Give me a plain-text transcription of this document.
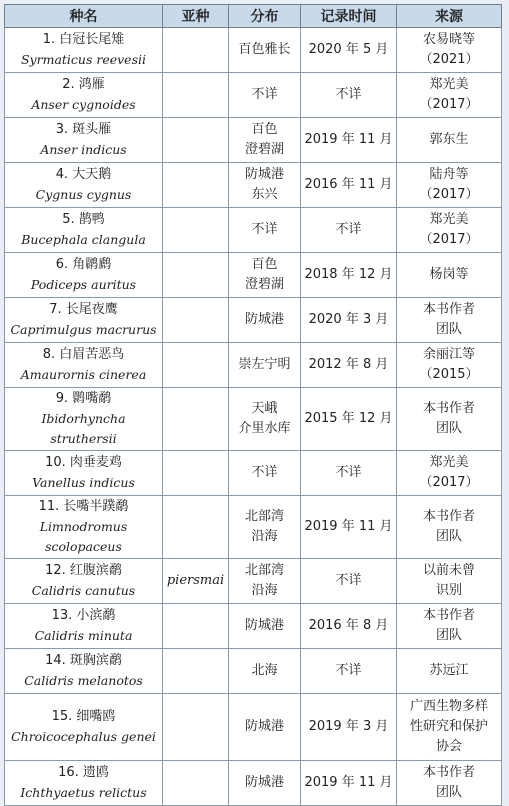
种名	亚种	分布	记录时间	来源

1. 白冠长尾雉
Syrmaticus reevesii		百色雅长	2020 年 5 月	农易晓等
（2021）

2. 鸿雁
Anser cygnoides		不详	不详	郑光美
（2017）

3. 斑头雁
Anser indicus		百色
澄碧湖	2019 年 11 月	郭东生

4. 大天鹅
Cygnus cygnus		防城港
东兴	2016 年 11 月	陆舟等
（2017）

5. 鹊鸭
Bucephala clangula		不详	不详	郑光美
（2017）

6. 角䴙䴘
Podiceps auritus		百色
澄碧湖	2018 年 12 月	杨岗等

7. 长尾夜鹰
Caprimulgus macrurus		防城港	2020 年 3 月	本书作者
团队

8. 白眉苦恶鸟
Amaurornis cinerea		崇左宁明	2012 年 8 月	余丽江等
（2015）

9. 鹮嘴鹬
Ibidorhyncha struthersii		天峨
介里水库	2015 年 12 月	本书作者
团队

10. 肉垂麦鸡
Vanellus indicus		不详	不详	郑光美
（2017）

11. 长嘴半蹼鹬
Limnodromus scolopaceus		北部湾
沿海	2019 年 11 月	本书作者
团队

12. 红腹滨鹬
Calidris canutus	piersmai	北部湾
沿海	不详	以前未曾
识别

13. 小滨鹬
Calidris minuta		防城港	2016 年 8 月	本书作者
团队

14. 斑胸滨鹬
Calidris melanotos		北海	不详	苏远江

15. 细嘴鸥
Chroicocephalus genei		防城港	2019 年 3 月	广西生物多样
性研究和保护
协会

16. 遗鸥
Ichthyaetus relictus		防城港	2019 年 11 月	本书作者
团队
